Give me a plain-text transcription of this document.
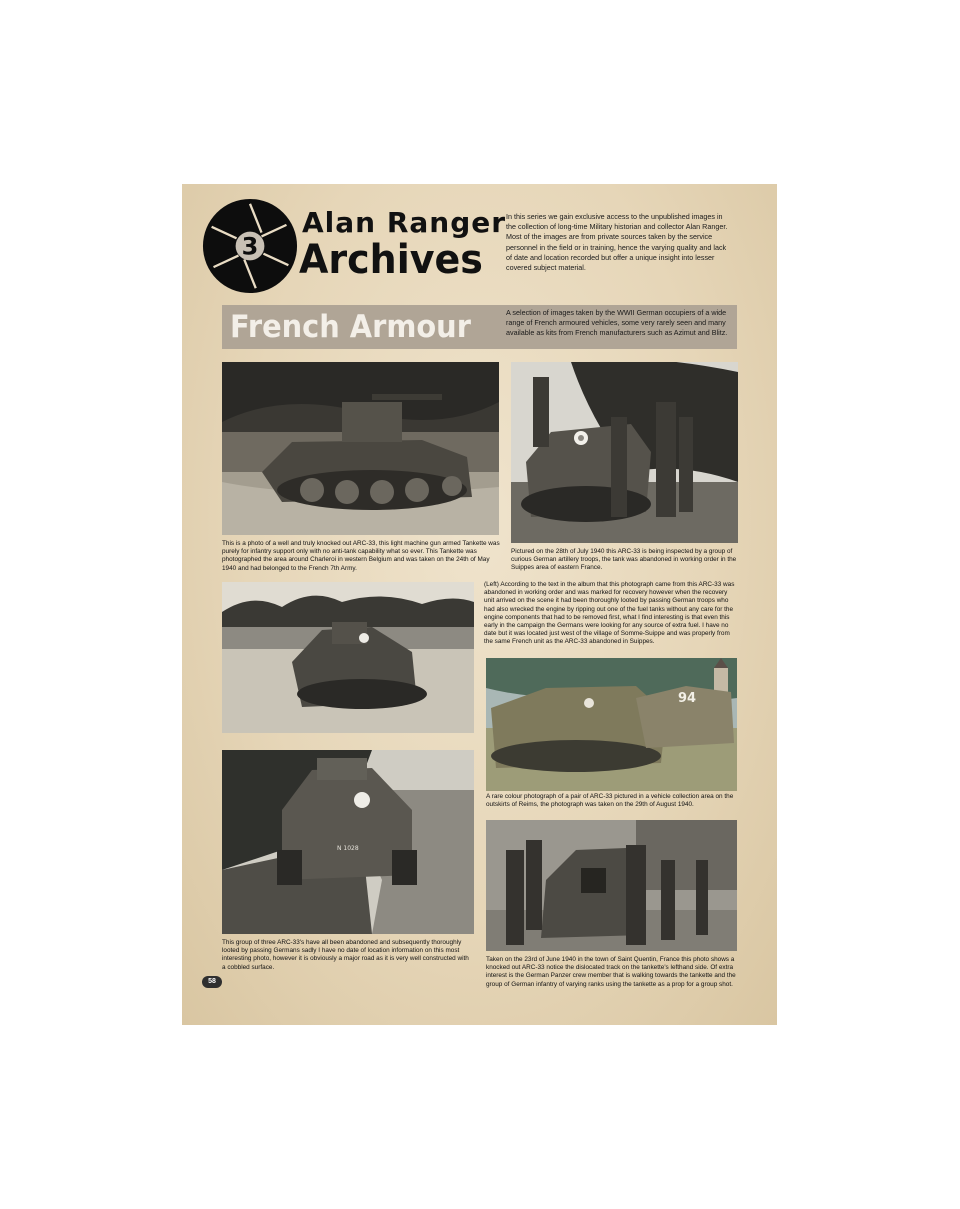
3
Alan Ranger
Archives
In this series we gain exclusive access to the unpublished images in the collection of long-time Military historian and collector Alan Ranger. Most of the images are from private sources taken by the service personnel in the field or in training, hence the varying quality and lack of date and location recorded but offer a unique insight into lesser covered subject material.
French Armour	A selection of images taken by the WWII German occupiers of a wide range of French armoured vehicles, some very rarely seen and many available as kits from French manufacturers such as Azimut and Blitz.
This is a photo of a well and truly knocked out ARC-33, this light machine gun armed Tankette was purely for infantry support only with no anti-tank capability what so ever. This Tankette was photographed the area around Charleroi in western Belgium and was taken on the 24th of May 1940 and had belonged to the French 7th Army.
Pictured on the 28th of July 1940 this ARC-33 is being inspected by a group of curious German artillery troops, the tank was abandoned in working order in the Suippes area of eastern France.
(Left) According to the text in the album that this photograph came from this ARC-33 was abandoned in working order and was marked for recovery however when the recovery unit arrived on the scene it had been thoroughly looted by passing German troops who had also wrecked the engine by ripping out one of the fuel tanks without any care for the engine components that had to be removed first, what I find interesting is that even this early in the campaign the Germans were looking for any source of extra fuel. I have no date but it was located just west of the village of Somme-Suippe and was properly from the same French unit as the ARC-33 abandoned in Suippes.
94
A rare colour photograph of a pair of ARC-33 pictured in a vehicle collection area on the outskirts of Reims, the photograph was taken on the 29th of August 1940.
N 1028
This group of three ARC-33's have all been abandoned and subsequently thoroughly looted by passing Germans sadly I have no date of location information on this most interesting photo, however it is obviously a major road as it is very well constructed with a cobbled surface.
Taken on the 23rd of June 1940 in the town of Saint Quentin, France this photo shows a knocked out ARC-33 notice the dislocated track on the tankette's lefthand side. Of extra interest is the German Panzer crew member that is walking towards the tankette and the group of German infantry of varying ranks using the tankette as a prop for a group shot.
58
